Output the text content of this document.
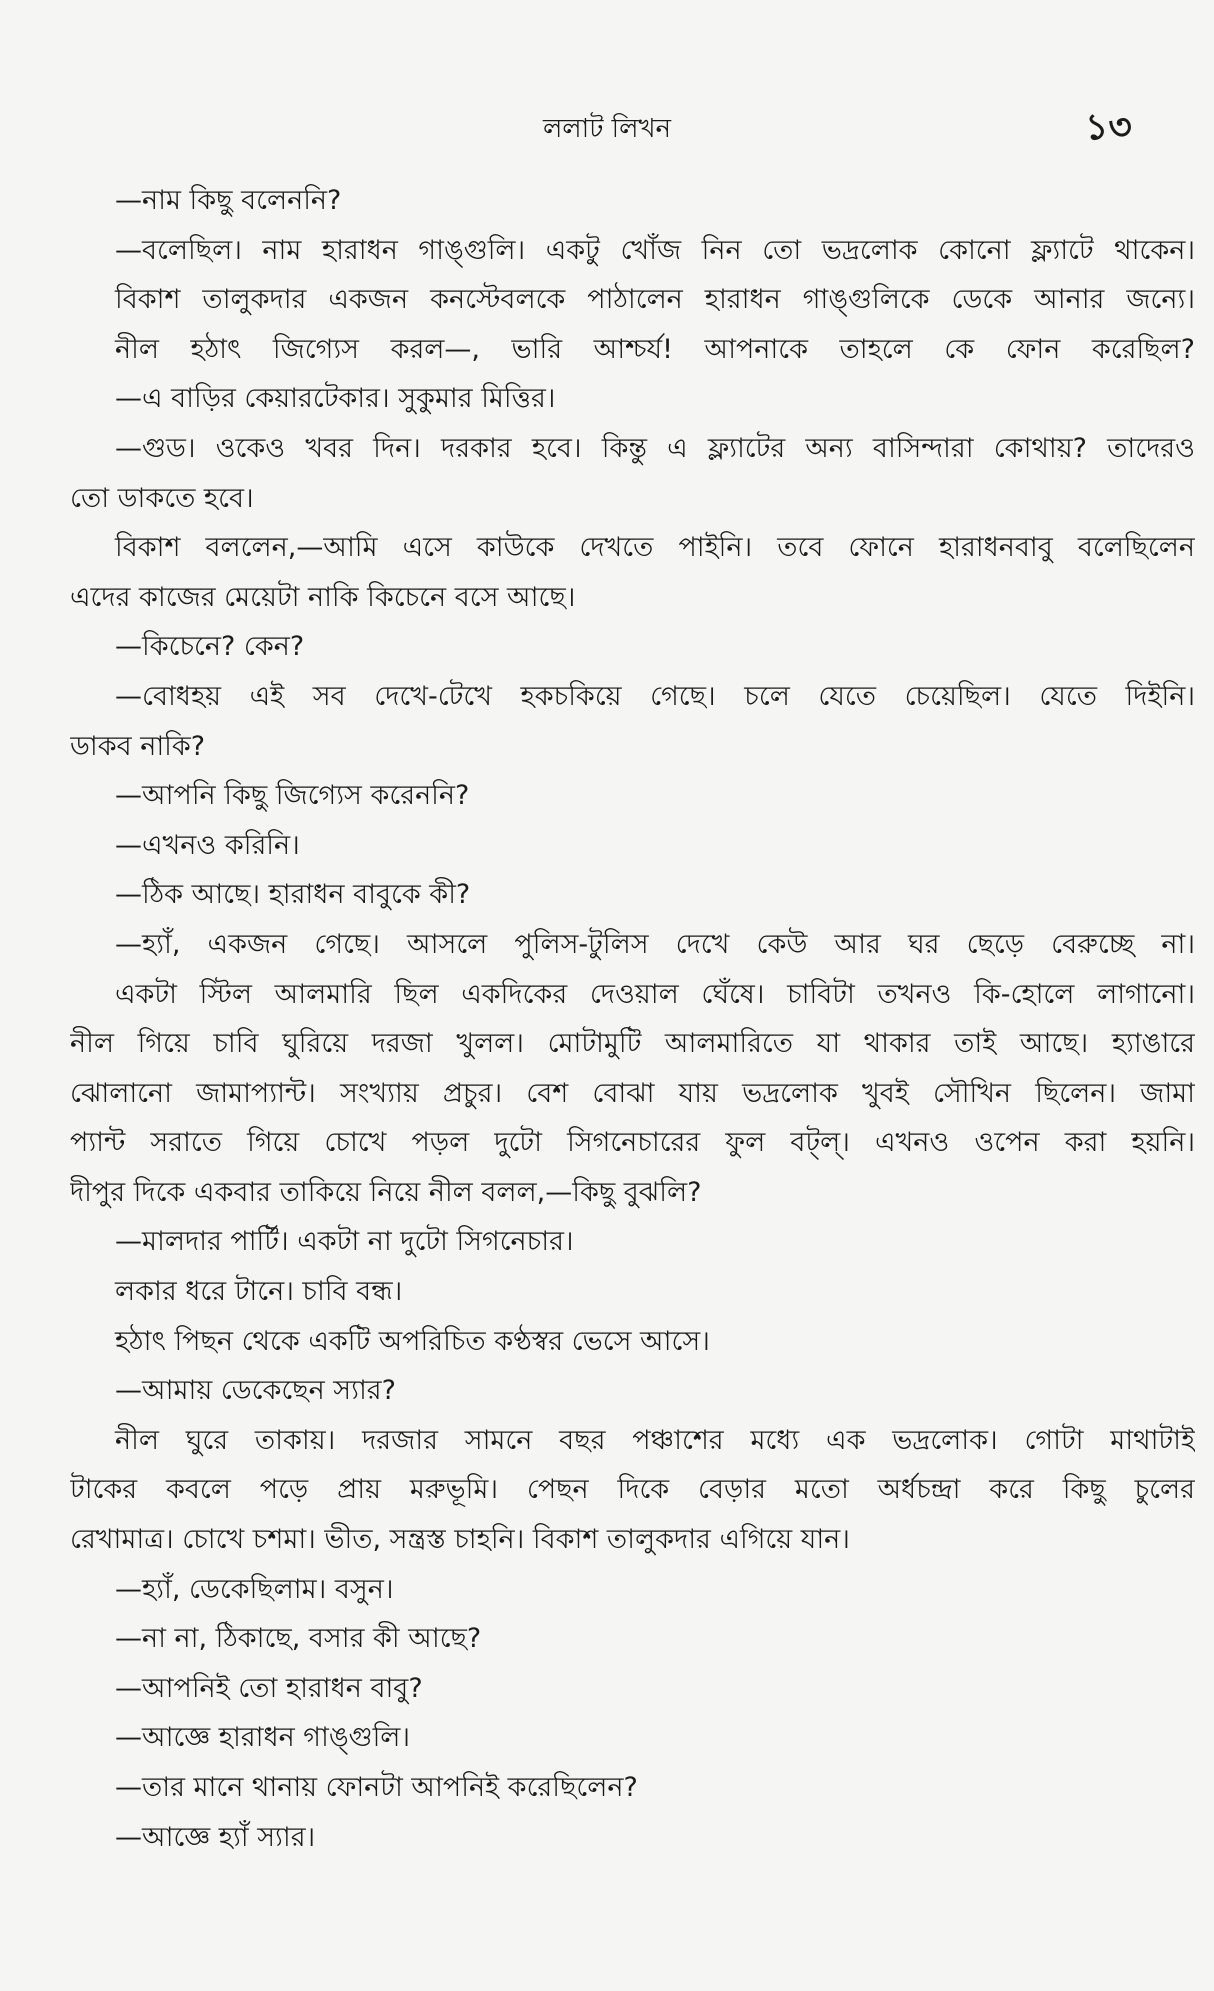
ললাট লিখন	১৩
—নাম কিছু বলেননি?
—বলেছিল। নাম হারাধন গাঙ্গুলি। একটু খোঁজ নিন তো ভদ্রলোক কোনো ফ্ল্যাটে থাকেন।
বিকাশ তালুকদার একজন কনস্টেবলকে পাঠালেন হারাধন গাঙ্গুলিকে ডেকে আনার জন্যে।
নীল হঠাৎ জিগ্যেস করল—, ভারি আশ্চর্য! আপনাকে তাহলে কে ফোন করেছিল?
—এ বাড়ির কেয়ারটেকার। সুকুমার মিত্তির।
—গুড। ওকেও খবর দিন। দরকার হবে। কিন্তু এ ফ্ল্যাটের অন্য বাসিন্দারা কোথায়? তাদেরও
তো ডাকতে হবে।
বিকাশ বললেন,—আমি এসে কাউকে দেখতে পাইনি। তবে ফোনে হারাধনবাবু বলেছিলেন
এদের কাজের মেয়েটা নাকি কিচেনে বসে আছে।
—কিচেনে? কেন?
—বোধহয় এই সব দেখে-টেখে হকচকিয়ে গেছে। চলে যেতে চেয়েছিল। যেতে দিইনি।
ডাকব নাকি?
—আপনি কিছু জিগ্যেস করেননি?
—এখনও করিনি।
—ঠিক আছে। হারাধন বাবুকে কী?
—হ্যাঁ, একজন গেছে। আসলে পুলিস-টুলিস দেখে কেউ আর ঘর ছেড়ে বেরুচ্ছে না।
একটা স্টিল আলমারি ছিল একদিকের দেওয়াল ঘেঁষে। চাবিটা তখনও কি-হোলে লাগানো।
নীল গিয়ে চাবি ঘুরিয়ে দরজা খুলল। মোটামুটি আলমারিতে যা থাকার তাই আছে। হ্যাঙারে
ঝোলানো জামাপ্যান্ট। সংখ্যায় প্রচুর। বেশ বোঝা যায় ভদ্রলোক খুবই সৌখিন ছিলেন। জামা
প্যান্ট সরাতে গিয়ে চোখে পড়ল দুটো সিগনেচারের ফুল বট্‌ল্‌। এখনও ওপেন করা হয়নি।
দীপুর দিকে একবার তাকিয়ে নিয়ে নীল বলল,—কিছু বুঝলি?
—মালদার পার্টি। একটা না দুটো সিগনেচার।
লকার ধরে টানে। চাবি বন্ধ।
হঠাৎ পিছন থেকে একটি অপরিচিত কণ্ঠস্বর ভেসে আসে।
—আমায় ডেকেছেন স্যার?
নীল ঘুরে তাকায়। দরজার সামনে বছর পঞ্চাশের মধ্যে এক ভদ্রলোক। গোটা মাথাটাই
টাকের কবলে পড়ে প্রায় মরুভূমি। পেছন দিকে বেড়ার মতো অর্ধচন্দ্রা করে কিছু চুলের
রেখামাত্র। চোখে চশমা। ভীত, সন্ত্রস্ত চাহনি। বিকাশ তালুকদার এগিয়ে যান।
—হ্যাঁ, ডেকেছিলাম। বসুন।
—না না, ঠিকাছে, বসার কী আছে?
—আপনিই তো হারাধন বাবু?
—আজ্ঞে হারাধন গাঙ্গুলি।
—তার মানে থানায় ফোনটা আপনিই করেছিলেন?
—আজ্ঞে হ্যাঁ স্যার।
